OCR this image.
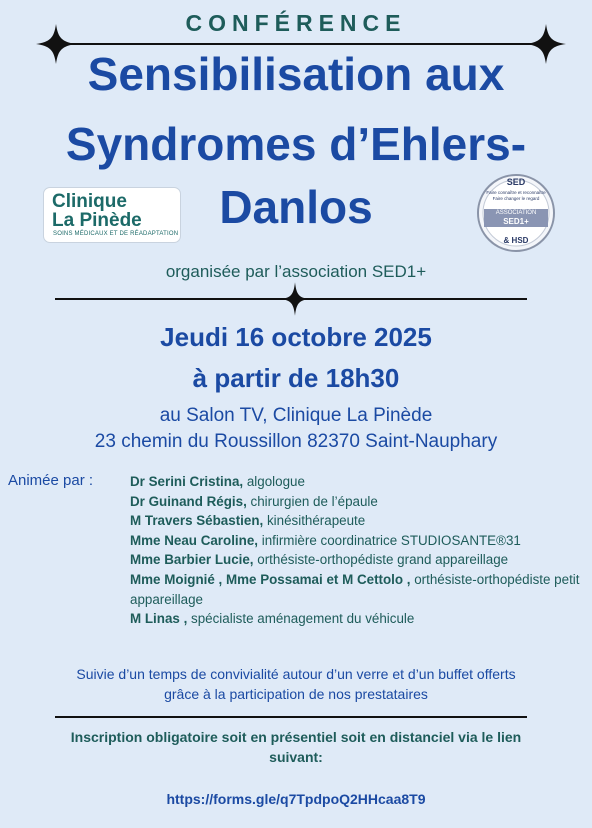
CONFÉRENCE
Sensibilisation aux
Syndromes d’Ehlers-
Danlos
Clinique
La Pinède
SOINS MÉDICAUX ET DE RÉADAPTATION
SED
Faire connaître et reconnaître
Faire changer le regard
ASSOCIATION
SED1+
& HSD
organisée par l’association SED1+
Jeudi 16 octobre 2025
à partir de 18h30
au Salon TV, Clinique La Pinède
23 chemin du Roussillon 82370 Saint-Nauphary
Animée par :	Dr Serini Cristina, algologue
Dr Guinand Régis, chirurgien de l’épaule
M Travers Sébastien, kinésithérapeute
Mme Neau Caroline, infirmière coordinatrice STUDIOSANTE®31
Mme Barbier Lucie, orthésiste-orthopédiste grand appareillage
Mme Moignié , Mme Possamai et M Cettolo , orthésiste-orthopédiste petit appareillage
M Linas , spécialiste aménagement du véhicule
Suivie d’un temps de convivialité autour d’un verre et d’un buffet offerts
grâce à la participation de nos prestataires
Inscription obligatoire soit en présentiel soit en distanciel via le lien
suivant:
https://forms.gle/q7TpdpoQ2HHcaa8T9
